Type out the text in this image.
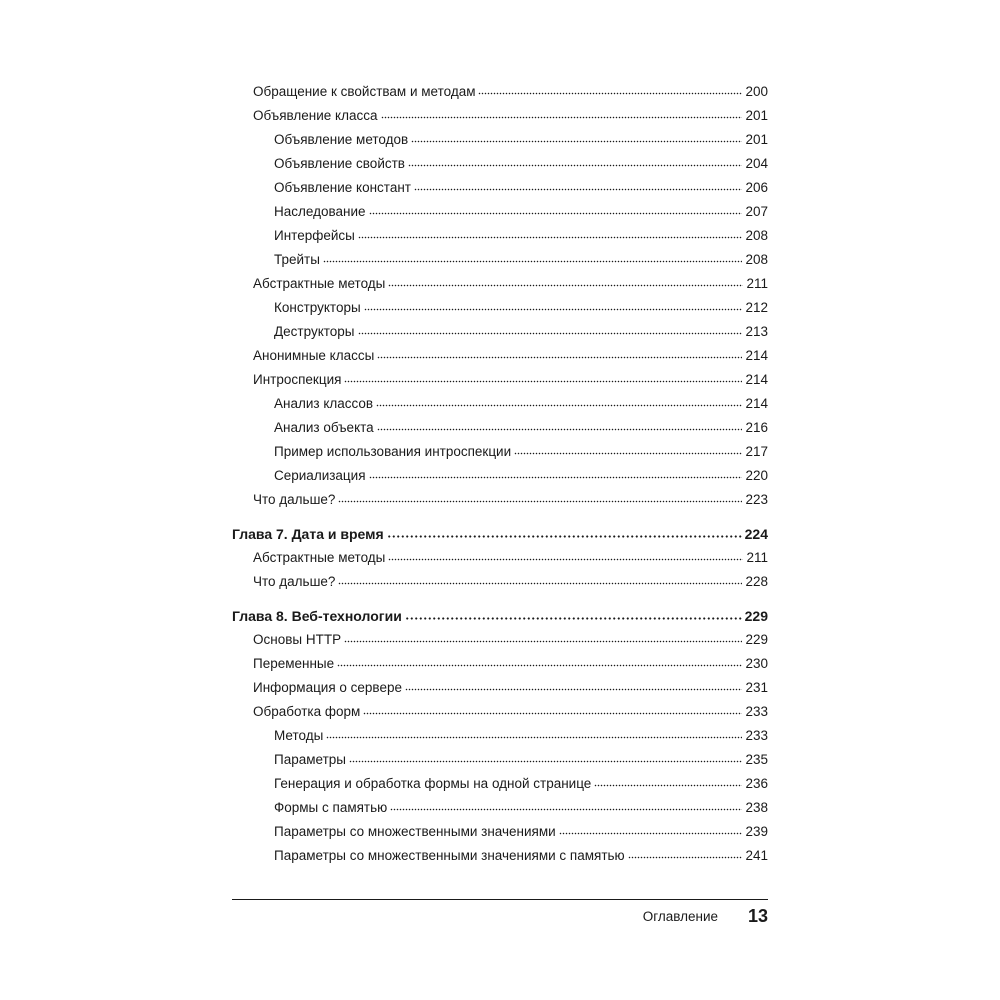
Обращение к свойствам и методам	200
Объявление класса	201
Объявление методов	201
Объявление свойств	204
Объявление констант	206
Наследование	207
Интерфейсы	208
Трейты	208
Абстрактные методы	211
Конструкторы	212
Деструкторы	213
Анонимные классы	214
Интроспекция	214
Анализ классов	214
Анализ объекта	216
Пример использования интроспекции	217
Сериализация	220
Что дальше?	223
Глава 7. Дата и время	224
Абстрактные методы	211
Что дальше?	228
Глава 8. Веб-технологии	229
Основы HTTP	229
Переменные	230
Информация о сервере	231
Обработка форм	233
Методы	233
Параметры	235
Генерация и обработка формы на одной странице	236
Формы с памятью	238
Параметры со множественными значениями	239
Параметры со множественными значениями с памятью	241
Оглавление 13
